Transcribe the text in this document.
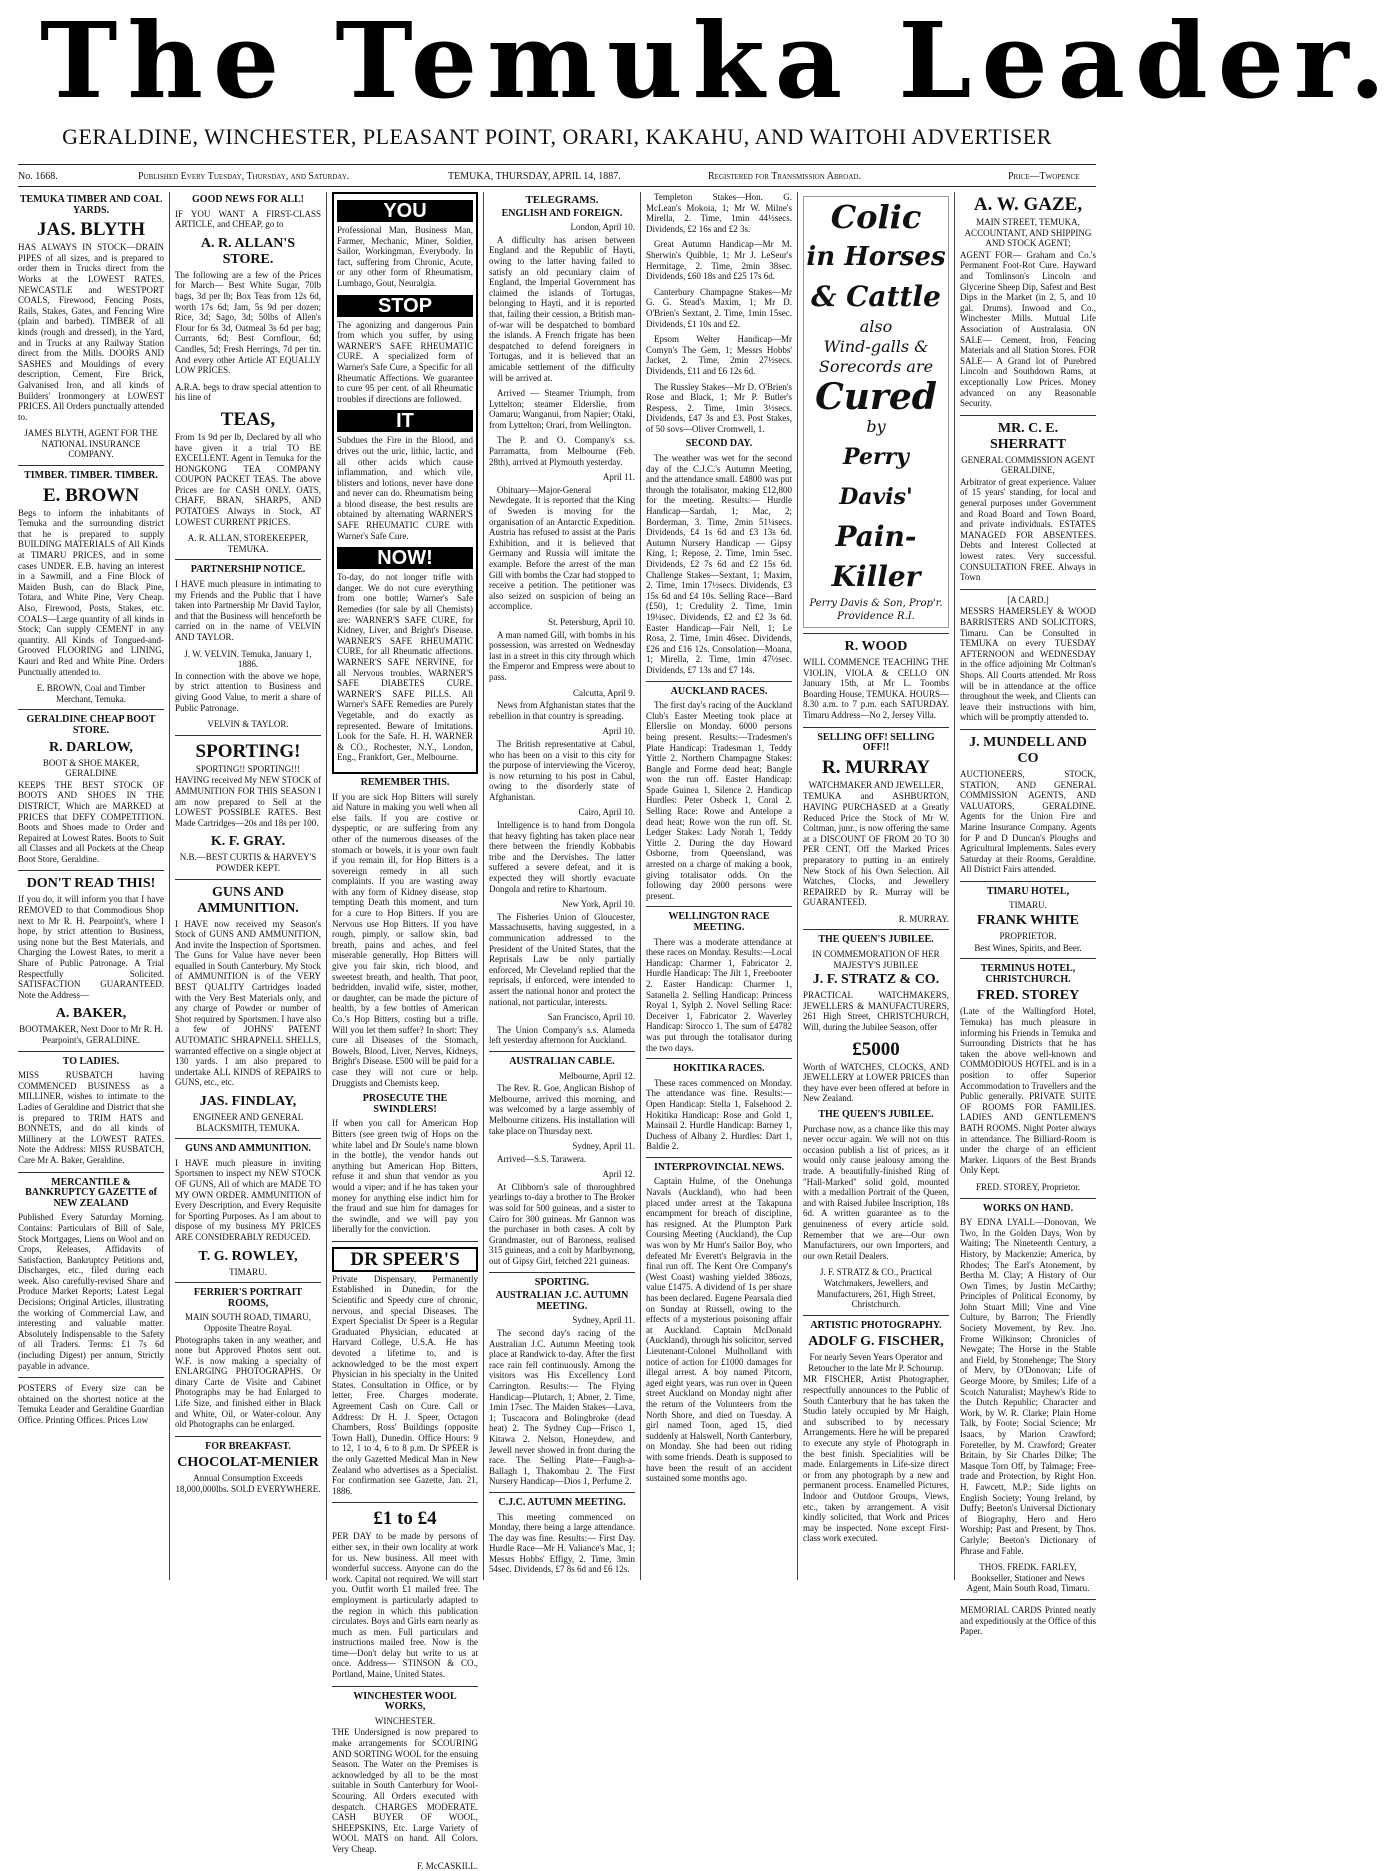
The Temuka Leader.
GERALDINE, WINCHESTER, PLEASANT POINT, ORARI, KAKAHU, AND WAITOHI ADVERTISER
No. 1668.	Published Every Tuesday, Thursday, and Saturday.	TEMUKA, THURSDAY, APRIL 14, 1887.	Registered for Transmission Abroad.	Price—Twopence
TEMUKA TIMBER AND COAL YARDS.
JAS. BLYTH
HAS ALWAYS IN STOCK—DRAIN PIPES of all sizes, and is prepared to order them in Trucks direct from the Works at the LOWEST RATES. NEWCASTLE and WESTPORT COALS, Firewood, Fencing Posts, Rails, Stakes, Gates, and Fencing Wire (plain and barbed). TIMBER of all kinds (rough and dressed), in the Yard, and in Trucks at any Railway Station direct from the Mills. DOORS AND SASHES and Mouldings of every description, Cement, Fire Brick, Galvanised Iron, and all kinds of Builders' Ironmongery at LOWEST PRICES. All Orders punctually attended to.
JAMES BLYTH, AGENT FOR THE NATIONAL INSURANCE COMPANY.
TIMBER. TIMBER. TIMBER.
E. BROWN
Begs to inform the inhabitants of Temuka and the surrounding district that he is prepared to supply BUILDING MATERIALS of All Kinds at TIMARU PRICES, and in some cases UNDER. E.B. having an interest in a Sawmill, and a Fine Block of Maiden Bush, can do Black Pine, Totara, and White Pine, Very Cheap. Also, Firewood, Posts, Stakes, etc. COALS—Large quantity of all kinds in Stock; Can supply CEMENT in any quantity. All Kinds of Tongued-and-Grooved FLOORING and LINING, Kauri and Red and White Pine. Orders Punctually attended to.
E. BROWN, Coal and Timber Merchant, Temuka.
GERALDINE CHEAP BOOT STORE.
R. DARLOW,
BOOT & SHOE MAKER, GERALDINE
KEEPS THE BEST STOCK OF BOOTS AND SHOES IN THE DISTRICT, Which are MARKED at PRICES that DEFY COMPETITION. Boots and Shoes made to Order and Repaired at Lowest Rates. Boots to Suit all Classes and all Pockets at the Cheap Boot Store, Geraldine.
DON'T READ THIS!
If you do, it will inform you that I have REMOVED to that Commodious Shop next to Mr R. H. Pearpoint's, where I hope, by strict attention to Business, using none but the Best Materials, and Charging the Lowest Rates, to merit a Share of Public Patronage. A Trial Respectfully Solicited. SATISFACTION GUARANTEED. Note the Address—
A. BAKER,
BOOTMAKER, Next Door to Mr R. H. Pearpoint's, GERALDINE.
TO LADIES.
MISS RUSBATCH having COMMENCED BUSINESS as a MILLINER, wishes to intimate to the Ladies of Geraldine and District that she is prepared to TRIM HATS and BONNETS, and do all kinds of Millinery at the LOWEST RATES. Note the Address: MISS RUSBATCH, Care Mr A. Baker, Geraldine.
MERCANTILE & BANKRUPTCY GAZETTE of NEW ZEALAND
Published Every Saturday Morning. Contains: Particulars of Bill of Sale, Stock Mortgages, Liens on Wool and on Crops, Releases, Affidavits of Satisfaction, Bankruptcy Petitions and, Discharges, etc., filed during each week. Also carefully-revised Share and Produce Market Reports; Latest Legal Decisions; Original Articles, illustrating the working of Commercial Law, and interesting and valuable matter. Absolutely Indispensable to the Safety of all Traders. Terms: £1 7s 6d (including Digest) per annum, Strictly payable in advance.
POSTERS of Every size can be obtained on the shortest notice at the Temuka Leader and Geraldine Guardian Office. Printing Offices. Prices Low
GOOD NEWS FOR ALL!
IF YOU WANT A FIRST-CLASS ARTICLE, and CHEAP, go to
A. R. ALLAN'S STORE.
The following are a few of the Prices for March— Best White Sugar, 70lb bags, 3d per lb; Box Teas from 12s 6d, worth 17s 6d; Jam, 5s 9d per dozen; Rice, 3d; Sago, 3d; 50lbs of Allen's Flour for 6s 3d, Oatmeal 3s 6d per bag; Currants, 6d; Best Cornflour, 6d; Candles, 5d; Fresh Herrings, 7d per tin. And every other Article AT EQUALLY LOW PRICES.
A.R.A. begs to draw special attention to his line of
TEAS,
From 1s 9d per lb, Declared by all who have given it a trial TO BE EXCELLENT. Agent in Temuka for the HONGKONG TEA COMPANY COUPON PACKET TEAS. The above Prices are for CASH ONLY. OATS, CHAFF, BRAN, SHARPS, AND POTATOES Always in Stock, AT LOWEST CURRENT PRICES.
A. R. ALLAN, STOREKEEPER, TEMUKA.
PARTNERSHIP NOTICE.
I HAVE much pleasure in intimating to my Friends and the Public that I have taken into Partnership Mr David Taylor, and that the Business will henceforth be carried on in the name of VELVIN AND TAYLOR.
J. W. VELVIN. Temuka, January 1, 1886.
In connection with the above we hope, by strict attention to Business and giving Good Value, to merit a share of Public Patronage.
VELVIN & TAYLOR.
SPORTING!
SPORTING!! SPORTING!!!
HAVING received My NEW STOCK of AMMUNITION FOR THIS SEASON I am now prepared to Sell at the LOWEST POSSIBLE RATES. Best Made Cartridges—20s and 18s per 100.
K. F. GRAY.
N.B.—BEST CURTIS & HARVEY'S POWDER KEPT.
GUNS AND AMMUNITION.
I HAVE now received my Season's Stock of GUNS AND AMMUNITION, And invite the Inspection of Sportsmen. The Guns for Value have never been equalled in South Canterbury. My Stock of AMMUNITION is of the VERY BEST QUALITY Cartridges loaded with the Very Best Materials only, and any charge of Powder or number of Shot required by Sportsmen. I have also a few of JOHNS' PATENT AUTOMATIC SHRAPNELL SHELLS, warranted effective on a single object at 130 yards. I am also prepared to undertake ALL KINDS of REPAIRS to GUNS, etc., etc.
JAS. FINDLAY,
ENGINEER AND GENERAL BLACKSMITH, TEMUKA.
GUNS AND AMMUNITION.
I HAVE much pleasure in inviting Sportsmen to inspect my NEW STOCK OF GUNS, All of which are MADE TO MY OWN ORDER. AMMUNITION of Every Description, and Every Requisite for Sporting Purposes. As I am about to dispose of my business MY PRICES ARE CONSIDERABLY REDUCED.
T. G. ROWLEY,
TIMARU.
FERRIER'S PORTRAIT ROOMS,
MAIN SOUTH ROAD, TIMARU, Opposite Theatre Royal.
Photographs taken in any weather, and none but Approved Photos sent out. W.F. is now making a specialty of ENLARGING PHOTOGRAPHS. Or dinary Carte de Visite and Cabinet Photographs may be had Enlarged to Life Size, and finished either in Black and White, Oil, or Water-colour. Any old Photographs can be enlarged.
FOR BREAKFAST.
CHOCOLAT-MENIER
Annual Consumption Exceeds 18,000,000lbs. SOLD EVERYWHERE.
YOU
Professional Man, Business Man, Farmer, Mechanic, Miner, Soldier, Sailor, Workingman, Everybody. In fact, suffering from Chronic, Acute, or any other form of Rheumatism, Lumbago, Gout, Neuralgia.
STOP
The agonizing and dangerous Pain from which you suffer, by using WARNER'S SAFE RHEUMATIC CURE. A specialized form of Warner's Safe Cure, a Specific for all Rheumatic Affections. We guarantee to cure 95 per cent. of all Rheumatic troubles if directions are followed.
IT
Subdues the Fire in the Blood, and drives out the uric, lithic, lactic, and all other acids which cause inflammation, and which vile, blisters and lotions, never have done and never can do. Rheumatism being a blood disease, the best results are obtained by alternating WARNER'S SAFE RHEUMATIC CURE with Warner's Safe Cure.
NOW!
To-day, do not longer trifle with danger. We do not cure everything from one bottle; Warner's Safe Remedies (for sale by all Chemists) are: WARNER'S SAFE CURE, for Kidney, Liver, and Bright's Disease. WARNER'S SAFE RHEUMATIC CURE, for all Rheumatic affections. WARNER'S SAFE NERVINE, for all Nervous troubles. WARNER'S SAFE DIABETES CURE. WARNER'S SAFE PILLS. All Warner's SAFE Remedies are Purely Vegetable, and do exactly as represented. Beware of Imitations. Look for the Safe. H. H. WARNER & CO., Rochester, N.Y., London, Eng., Frankfort, Ger., Melbourne.
REMEMBER THIS.
If you are sick Hop Bitters will surely aid Nature in making you well when all else fails. If you are costive or dyspeptic, or are suffering from any other of the numerous diseases of the stomach or bowels, it is your own fault if you remain ill, for Hop Bitters is a sovereign remedy in all such complaints. If you are wasting away with any form of Kidney disease, stop tempting Death this moment, and turn for a cure to Hop Bitters. If you are Nervous use Hop Bitters. If you have rough, pimply, or sallow skin, bad breath, pains and aches, and feel miserable generally, Hop Bitters will give you fair skin, rich blood, and sweetest breath, and health. That poor, bedridden, invalid wife, sister, mother, or daughter, can be made the picture of health, by a few bottles of American Co.'s Hop Bitters, costing but a trifle. Will you let them suffer? In short: They cure all Diseases of the Stomach, Bowels, Blood, Liver, Nerves, Kidneys, Bright's Disease. £500 will be paid for a case they will not cure or help. Druggists and Chemists keep.
PROSECUTE THE SWINDLERS!
If when you call for American Hop Bitters (see green twig of Hops on the white label and Dr Soule's name blown in the bottle), the vendor hands out anything but American Hop Bitters, refuse it and shun that vendor as you would a viper; and if he has taken your money for anything else indict him for the fraud and sue him for damages for the swindle, and we will pay you liberally for the conviction.
DR SPEER'S
Private Dispensary, Permanently Established in Dunedin, for the Scientific and Speedy cure of chronic, nervous, and special Diseases. The Expert Specialist Dr Speer is a Regular Graduated Physician, educated at Harvard College, U.S.A. He has devoted a lifetime to, and is acknowledged to be the most expert Physician in his specialty in the United States. Consultation in Office, or by letter, Free. Charges moderate. Agreement Cash on Cure. Call or Address: Dr H. J. Speer, Octagon Chambers, Ross' Buildings (opposite Town Hall), Dunedin. Office Hours: 9 to 12, 1 to 4, 6 to 8 p.m. Dr SPEER is the only Gazetted Medical Man in New Zealand who advertises as a Specialist. For confirmation see Gazette, Jan. 21, 1886.
£1 to £4
PER DAY to be made by persons of either sex, in their own locality at work for us. New business. All meet with wonderful success. Anyone can do the work. Capital not required. We will start you. Outfit worth £1 mailed free. The employment is particularly adapted to the region in which this publication circulates. Boys and Girls earn nearly as much as men. Full particulars and instructions mailed free. Now is the time—Don't delay but write to us at once. Address— STINSON & CO., Portland, Maine, United States.
WINCHESTER WOOL WORKS,
WINCHESTER.
THE Undersigned is now prepared to make arrangements for SCOURING AND SORTING WOOL for the ensuing Season. The Water on the Premises is acknowledged by all to be the most suitable in South Canterbury for Wool-Scouring. All Orders executed with despatch. CHARGES MODERATE. CASH BUYER OF WOOL, SHEEPSKINS, Etc. Large Variety of WOOL MATS on hand. All Colors. Very Cheap.
F. McCASKILL.
TELEGRAMS.
ENGLISH AND FOREIGN.
London, April 10.
A difficulty has arisen between England and the Republic of Hayti, owing to the latter having failed to satisfy an old pecuniary claim of England, the Imperial Government has claimed the islands of Tortugas, belonging to Hayti, and it is reported that, failing their cession, a British man-of-war will be despatched to bombard the islands. A French frigate has been despatched to defend foreigners in Tortugas, and it is believed that an amicable settlement of the difficulty will be arrived at.
Arrived — Steamer Triumph, from Lyttelton; steamer Elderslie, from Oamaru; Wanganui, from Napier; Otaki, from Lyttelton; Orari, from Wellington.
The P. and O. Company's s.s. Parramatta, from Melbourne (Feb. 28th), arrived at Plymouth yesterday.
April 11.
Obituary—Major-General Newdegate. It is reported that the King of Sweden is moving for the organisation of an Antarctic Expedition. Austria has refused to assist at the Paris Exhibition, and it is believed that Germany and Russia will imitate the example. Before the arrest of the man Gill with bombs the Czar had stopped to receive a petition. The petitioner was also seized on suspicion of being an accomplice.
St. Petersburg, April 10.
A man named Gill, with bombs in his possession, was arrested on Wednesday last in a street in this city through which the Emperor and Empress were about to pass.
Calcutta, April 9.
News from Afghanistan states that the rebellion in that country is spreading.
April 10.
The British representative at Cabul, who has been on a visit to this city for the purpose of interviewing the Viceroy, is now returning to his post in Cabul, owing to the disorderly state of Afghanistan.
Cairo, April 10.
Intelligence is to hand from Dongola that heavy fighting has taken place near there between the friendly Kobbabis tribe and the Dervishes. The latter suffered a severe defeat, and it is expected they will shortly evacuate Dongola and retire to Khartoum.
New York, April 10.
The Fisheries Union of Gloucester, Massachusetts, having suggested, in a communication addressed to the President of the United States, that the Reprisals Law be only partially enforced, Mr Cleveland replied that the reprisals, if enforced, were intended to assert the national honor and protect the national, not particular, interests.
San Francisco, April 10.
The Union Company's s.s. Alameda left yesterday afternoon for Auckland.
AUSTRALIAN CABLE.
Melbourne, April 12.
The Rev. R. Goe, Anglican Bishop of Melbourne, arrived this morning, and was welcomed by a large assembly of Melbourne citizens. His installation will take place on Thursday next.
Sydney, April 11.
Arrived—S.S. Tarawera.
April 12.
At Clibborn's sale of thoroughbred yearlings to-day a brother to The Broker was sold for 500 guineas, and a sister to Cairo for 300 guineas. Mr Gannon was the purchaser in both cases. A colt by Grandmaster, out of Baroness, realised 315 guineas, and a colt by Marlbyrnong, out of Gipsy Girl, fetched 221 guineas.
SPORTING.
AUSTRALIAN J.C. AUTUMN MEETING.
Sydney, April 11.
The second day's racing of the Australian J.C. Autumn Meeting took place at Randwick to-day. After the first race rain fell continuously. Among the visitors was His Excellency Lord Carrington. Results:— The Flying Handicap—Plutarch, 1; Abner, 2. Time, 1min 17sec. The Maiden Stakes—Lava, 1; Tuscacora and Bolingbroke (dead heat) 2. The Sydney Cup—Frisco 1, Kitawa 2. Nelson, Honeydew, and Jewell never showed in front during the race. The Selling Plate—Faugh-a-Ballagh 1, Thakombau 2. The First Nursery Handicap—Dios 1, Perfume 2.
C.J.C. AUTUMN MEETING.
This meeting commenced on Monday, there being a large attendance. The day was fine. Results:— First Day. Hurdle Race—Mr H. Valiance's Mac, 1; Messrs Hobbs' Effigy, 2. Time, 3min 54sec. Dividends, £7 8s 6d and £6 12s.
Templeton Stakes—Hon. G. McLean's Mokoia, 1; Mr W. Milne's Mirella, 2. Time, 1min 44½secs. Dividends, £2 16s and £2 3s.
Great Autumn Handicap—Mr M. Sherwin's Quibble, 1; Mr J. LeSeur's Hermitage, 2. Time, 2min 38sec. Dividends, £60 18s and £25 17s 6d.
Canterbury Champagne Stakes—Mr G. G. Stead's Maxim, 1; Mr D. O'Brien's Sextant, 2. Time, 1min 15sec. Dividends, £1 10s and £2.
Epsom Welter Handicap—Mr Comyn's The Gem, 1; Messrs Hobbs' Jacket, 2. Time, 2min 27½secs. Dividends, £11 and £6 12s 6d.
The Russley Stakes—Mr D. O'Brien's Rose and Black, 1; Mr P. Butler's Respess, 2. Time, 1min 3½secs. Dividends, £47 3s and £3. Post Stakes, of 50 sovs—Oliver Cromwell, 1.
SECOND DAY.
The weather was wet for the second day of the C.J.C.'s Autumn Meeting, and the attendance small. £4800 was put through the totalisator, making £12,800 for the meeting. Results:— Hurdle Handicap—Sardah, 1; Mac, 2; Borderman, 3. Time, 2min 51¼secs. Dividends, £4 1s 6d and £3 13s 6d. Autumn Nursery Handicap — Gipsy King, 1; Repose, 2. Time, 1min 5sec. Dividends, £2 7s 6d and £2 15s 6d. Challenge Stakes—Sextant, 1; Maxim, 2. Time, 1min 17½secs. Dividends, £3 15s 6d and £4 10s. Selling Race—Bard (£50), 1; Credulity 2. Time, 1min 19¼sec. Dividends, £2 and £2 3s 6d. Easter Handicap—Fair Nell, 1; Le Rosa, 2. Time, 1min 46sec. Dividends, £26 and £16 12s. Consolation—Moana, 1; Mirella, 2. Time, 1min 47½sec. Dividends, £7 13s and £7 14s.
AUCKLAND RACES.
The first day's racing of the Auckland Club's Easter Meeting took place at Ellerslie on Monday. 6000 persons being present. Results:—Tradesmen's Plate Handicap: Tradesman 1, Teddy Yittle 2. Northern Champagne Stakes: Bangle and Forme dead heat; Bangle won the run off. Easter Handicap: Spade Guinea 1, Silence 2. Handicap Hurdles: Peter Osbeck 1, Coral 2. Selling Race: Rowe and Antelope a dead heat; Rowe won the run off. St. Ledger Stakes: Lady Norah 1, Teddy Yittle 2. During the day Howard Osborne, from Queensland, was arrested on a charge of making a book, giving totalisator odds. On the following day 2000 persons were present.
WELLINGTON RACE MEETING.
There was a moderate attendance at these races on Monday. Results:—Local Handicap: Charmer 1, Fabricator 2. Hurdle Handicap: The Jilt 1, Freebooter 2. Easter Handicap: Charmer 1, Satanella 2. Selling Handicap: Princess Royal 1, Sylph 2. Novel Selling Race: Deceiver 1, Fabricator 2. Waverley Handicap: Sirocco 1. The sum of £4782 was put through the totalisator during the two days.
HOKITIKA RACES.
These races commenced on Monday. The attendance was fine. Results:—Open Handicap: Stella 1, Falsehood 2. Hokitika Handicap: Rose and Gold 1, Mainsail 2. Hurdle Handicap: Barney 1, Duchess of Albany 2. Hurdles: Dart 1, Baldie 2.
INTERPROVINCIAL NEWS.
Captain Hulme, of the Onehunga Navals (Auckland), who had been placed under arrest at the Takapuna encampment for breach of discipline, has resigned. At the Plumpton Park Coursing Meeting (Auckland), the Cup was won by Mr Hunt's Sailor Boy, who defeated Mr Everett's Belgravia in the final run off. The Kent Ore Company's (West Coast) washing yielded 386ozs, value £1475. A dividend of 1s per share has been declared. Eugene Pearsala died on Sunday at Russell, owing to the effects of a mysterious poisoning affair at Auckland. Captain McDonald (Auckland), through his solicitor, served Lieutenant-Colonel Mulholland with notice of action for £1000 damages for illegal arrest. A boy named Pitcorn, aged eight years, was run over in Queen street Auckland on Monday night after the return of the Volunteers from the North Shore, and died on Tuesday. A girl named Toon, aged 15, died suddenly at Halswell, North Canterbury, on Monday. She had been out riding with some friends. Death is supposed to have been the result of an accident sustained some months ago.
Colic
in Horses
& Cattle
also
Wind-galls & Sorecords are
Cured
by
Perry Davis'
Pain-Killer
Perry Davis & Son, Prop'r. Providence R.I.
R. WOOD
WILL COMMENCE TEACHING THE VIOLIN, VIOLA & CELLO ON January 15th, at Mr L. Toombs Boarding House, TEMUKA. HOURS—8.30 a.m. to 7 p.m. each SATURDAY. Timaru Address—No 2, Jersey Villa.
SELLING OFF! SELLING OFF!!
R. MURRAY
WATCHMAKER AND JEWELLER,
TEMUKA and ASHBURTON, HAVING PURCHASED at a Greatly Reduced Price the Stock of Mr W. Coltman, junr., is now offering the same at a DISCOUNT OF FROM 20 TO 30 PER CENT. Off the Marked Prices preparatory to putting in an entirely New Stock of his Own Selection. All Watches, Clocks, and Jewellery REPAIRED by R. Murray will be GUARANTEED.
R. MURRAY.
THE QUEEN'S JUBILEE.
IN COMMEMORATION OF HER MAJESTY'S JUBILEE
J. F. STRATZ & CO.
PRACTICAL WATCHMAKERS, JEWELLERS & MANUFACTURERS, 261 High Street, CHRISTCHURCH, Will, during the Jubilee Season, offer
£5000
Worth of WATCHES, CLOCKS, AND JEWELLERY at LOWER PRICES than they have ever been offered at before in New Zealand.
THE QUEEN'S JUBILEE.
Purchase now, as a chance like this may never occur again. We will not on this occasion publish a list of prices, as it would only cause jealousy among the trade. A beautifully-finished Ring of "Hall-Marked" solid gold, mounted with a medallion Portrait of the Queen, and with Raised Jubilee Inscription, 18s 6d. A written guarantee as to the genuineness of every article sold. Remember that we are—Our own Manufacturers, our own Importers, and our own Retail Dealers.
J. F. STRATZ & CO., Practical Watchmakers, Jewellers, and Manufacturers, 261, High Street, Christchurch.
ARTISTIC PHOTOGRAPHY.
ADOLF G. FISCHER,
For nearly Seven Years Operator and Retoucher to the late Mr P. Schourup.
MR FISCHER, Artist Photographer, respectfully announces to the Public of South Canterbury that he has taken the Studio lately occupied by Mr Haigh, and subscribed to by necessary Arrangements. Here he will be prepared to execute any style of Photograph in the best finish. Specialities will be made. Enlargements in Life-size direct or from any photograph by a new and permanent process. Enamelled Pictures, Indoor and Outdoor Groups, Views, etc., taken by arrangement. A visit kindly solicited, that Work and Prices may be inspected. None except First-class work executed.
A. W. GAZE,
MAIN STREET, TEMUKA, ACCOUNTANT, AND SHIPPING AND STOCK AGENT;
AGENT FOR— Graham and Co.'s Permanent Foot-Rot Cure. Hayward and Tomlinson's Lincoln and Glycerine Sheep Dip, Safest and Best Dips in the Market (in 2, 5, and 10 gal. Drums). Inwood and Co., Winchester Mills. Mutual Life Association of Australasia. ON SALE— Cement, Iron, Fencing Materials and all Station Stores. FOR SALE— A Grand lot of Purebred Lincoln and Southdown Rams, at exceptionally Low Prices. Money advanced on any Reasonable Security.
MR. C. E. SHERRATT
GENERAL COMMISSION AGENT GERALDINE,
Arbitrator of great experience. Valuer of 15 years' standing, for local and general purposes under Government and Road Board and Town Board, and private individuals. ESTATES MANAGED FOR ABSENTEES. Debts and Interest Collected at lowest rates. Very successful. CONSULTATION FREE. Always in Town
[A CARD.]
MESSRS HAMERSLEY & WOOD BARRISTERS AND SOLICITORS, Timaru. Can be Consulted in TEMUKA on every TUESDAY AFTERNOON and WEDNESDAY in the office adjoining Mr Coltman's Shops. All Courts attended. Mr Ross will be in attendance at the office throughout the week, and Clients can leave their instructions with him, which will be promptly attended to.
J. MUNDELL AND CO
AUCTIONEERS, STOCK, STATION, AND GENERAL COMMISSION AGENTS, AND VALUATORS, GERALDINE. Agents for the Union Fire and Marine Insurance Company. Agents for P and D Duncan's Ploughs and Agricultural Implements. Sales every Saturday at their Rooms, Geraldine. All District Fairs attended.
TIMARU HOTEL,
TIMARU.
FRANK WHITE
PROPRIETOR.
Best Wines, Spirits, and Beer.
TERMINUS HOTEL, CHRISTCHURCH.
FRED. STOREY
(Late of the Wallingford Hotel, Temuka) has much pleasure in informing his Friends in Temuka and Surrounding Districts that he has taken the above well-known and COMMODIOUS HOTEL and is in a position to offer Superior Accommodation to Travellers and the Public generally. PRIVATE SUITE OF ROOMS FOR FAMILIES. LADIES AND GENTLEMEN'S BATH ROOMS. Night Porter always in attendance. The Billiard-Room is under the charge of an efficient Marker. Liquors of the Best Brands Only Kept.
FRED. STOREY, Proprietor.
WORKS ON HAND.
BY EDNA LYALL—Donovan, We Two, In the Golden Days, Won by Waiting; The Nineteenth Century, a History, by Mackenzie; America, by Rhodes; The Earl's Atonement, by Bertha M. Clay; A History of Our Own Times, by Justin McCarthy; Principles of Political Economy, by John Stuart Mill; Vine and Vine Culture, by Barron; The Friendly Society Movement, by Rev. Jno. Frome Wilkinson; Chronicles of Newgate; The Horse in the Stable and Field, by Stonehenge; The Story of Merv, by O'Donovan; Life of George Moore, by Smiles; Life of a Scotch Naturalist; Mayhew's Ride to the Dutch Republic; Character and Work, by W. R. Clarke; Plain Home Talk, by Foote; Social Science; Mr Isaacs, by Marion Crawford; Foreteller, by M. Crawford; Greater Britain, by Sir Charles Dilke; The Masque Torn Off, by Talmage; Free-trade and Protection, by Right Hon. H. Fawcett, M.P.; Side lights on English Society; Young Ireland, by Duffy; Beeton's Universal Dictionary of Biography, Hero and Hero Worship; Past and Present, by Thos. Carlyle; Beeton's Dictionary of Phrase and Fable.
THOS. FREDK. FARLEY, Bookseller, Stationer and News Agent, Main South Road, Timaru.
MEMORIAL CARDS Printed neatly and expeditiously at the Office of this Paper.
